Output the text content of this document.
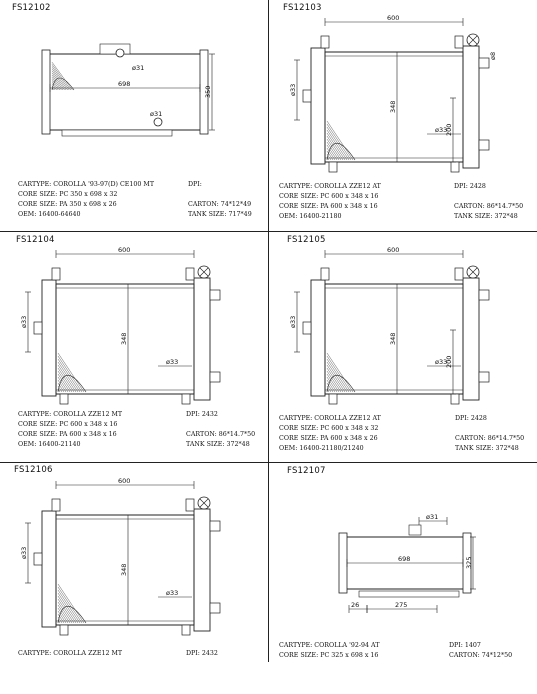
FS12102
698
350
ø31
ø31
CARTYPE: COROLLA '93-97(D) CE100 MT
CORE SIZE: PC 350 x 698 x 32
CORE SIZE: PA 350 x 698 x 26
OEM: 16400-64640
DPI:
CARTON: 74*12*49
TANK SIZE: 717*49
FS12103
600
348
200
ø33
ø33
ø8
CARTYPE: COROLLA ZZE12 AT
CORE SIZE: PC 600 x 348 x 16
CORE SIZE: PA 600 x 348 x 16
OEM: 16400-21180
DPI: 2428
CARTON: 86*14.7*50
TANK SIZE: 372*48
FS12104
600
348
ø33
ø33
CARTYPE: COROLLA ZZE12 MT
CORE SIZE: PC 600 x 348 x 16
CORE SIZE: PA 600 x 348 x 16
OEM: 16400-21140
DPI: 2432
CARTON: 86*14.7*50
TANK SIZE: 372*48
FS12105
600
348
200
ø33
ø33
CARTYPE: COROLLA ZZE12 AT
CORE SIZE: PC 600 x 348 x 32
CORE SIZE: PA 600 x 348 x 26
OEM: 16400-21180/21240
DPI: 2428
CARTON: 86*14.7*50
TANK SIZE: 372*48
FS12106
600
348
ø33
ø33
CARTYPE: COROLLA ZZE12 MT	DPI: 2432
FS12107
ø31
698	325
26	275
CARTYPE: COROLLA '92-94 AT
CORE SIZE: PC 325 x 698 x 16
DPI: 1407
CARTON: 74*12*50
